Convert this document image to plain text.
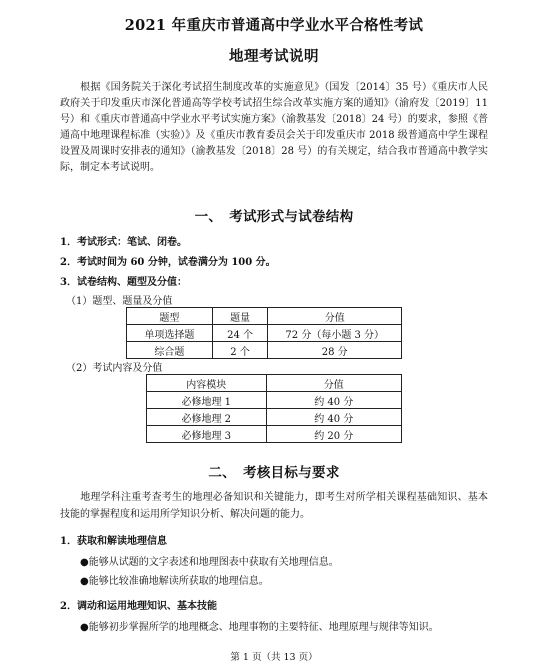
2021 年重庆市普通高中学业水平合格性考试
地理考试说明
根据《国务院关于深化考试招生制度改革的实施意见》（国发〔2014〕35 号）《重庆市人民政府关于印发重庆市深化普通高等学校考试招生综合改革实施方案的通知》（渝府发〔2019〕11 号）和《重庆市普通高中学业水平考试实施方案》（渝教基发〔2018〕24 号）的要求，参照《普通高中地理课程标准（实验）》及《重庆市教育委员会关于印发重庆市 2018 级普通高中学生课程设置及周课时安排表的通知》（渝教基发〔2018〕28 号）的有关规定，结合我市普通高中教学实际，制定本考试说明。
一、　考试形式与试卷结构
1．考试形式：笔试、闭卷。
2．考试时间为 60 分钟，试卷满分为 100 分。
3．试卷结构、题型及分值：
（1）题型、题量及分值
题型	题量	分值
单项选择题	24 个	72 分（每小题 3 分）
综合题	2 个	28 分
（2）考试内容及分值
内容模块	分值
必修地理 1	约 40 分
必修地理 2	约 40 分
必修地理 3	约 20 分
二、　考核目标与要求
地理学科注重考查考生的地理必备知识和关键能力，即考生对所学相关课程基础知识、基本技能的掌握程度和运用所学知识分析、解决问题的能力。
1．获取和解读地理信息
●能够从试题的文字表述和地理图表中获取有关地理信息。
●能够比较准确地解读所获取的地理信息。
2．调动和运用地理知识、基本技能
●能够初步掌握所学的地理概念、地理事物的主要特征、地理原理与规律等知识。
第 1 页（共 13 页）
